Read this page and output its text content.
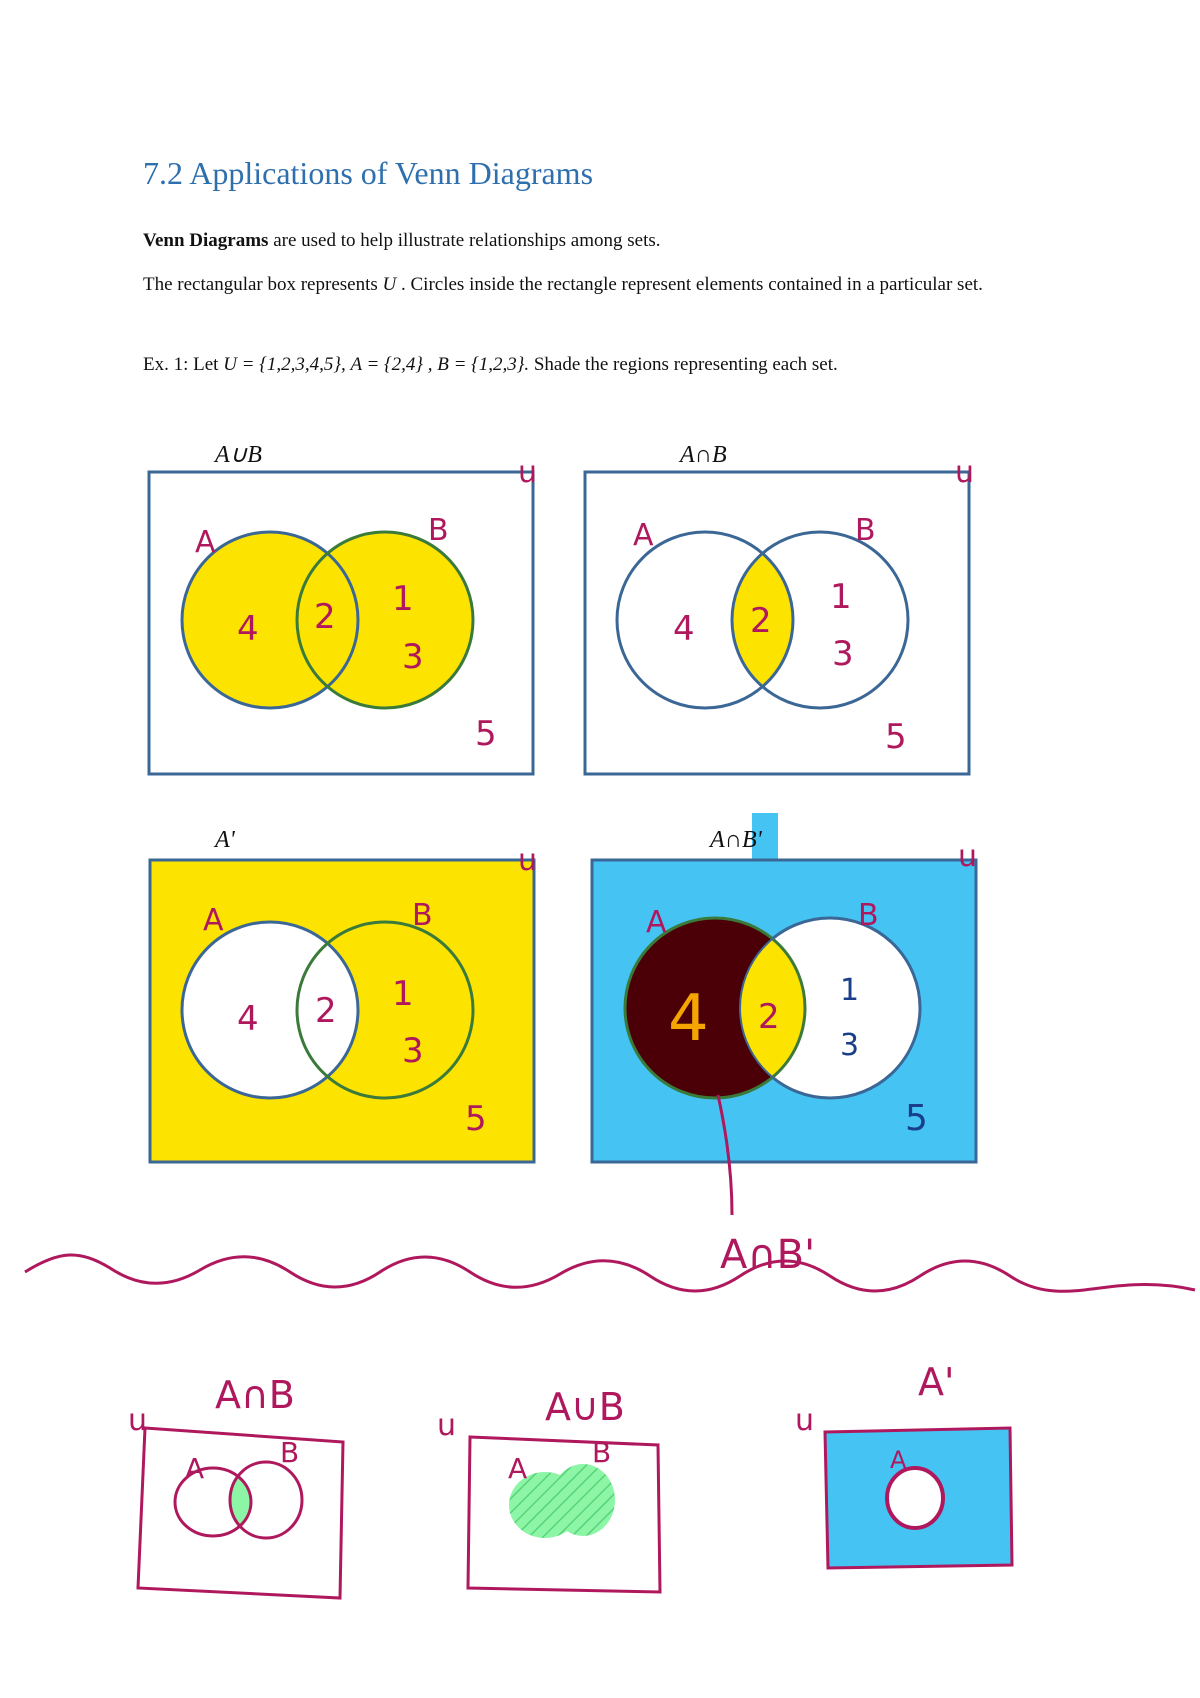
7.2 Applications of Venn Diagrams

Venn Diagrams are used to help illustrate relationships among sets.

The rectangular box represents U . Circles inside the rectangle represent elements contained in a particular set.

Ex. 1: Let U = {1,2,3,4,5}, A = {2,4} , B = {1,2,3}. Shade the regions representing each set.

A∪B	u
A	B
4 2 1
3
5
A∩B	u
A	B
4 2
1
3
5
A'
u
A	B
4 2 1
3
5
A∩B'	u
A	B
4 2
1
3
5
A∩B'
A∩B
u
A	B
A∪B
u
A B
A'
u
A
